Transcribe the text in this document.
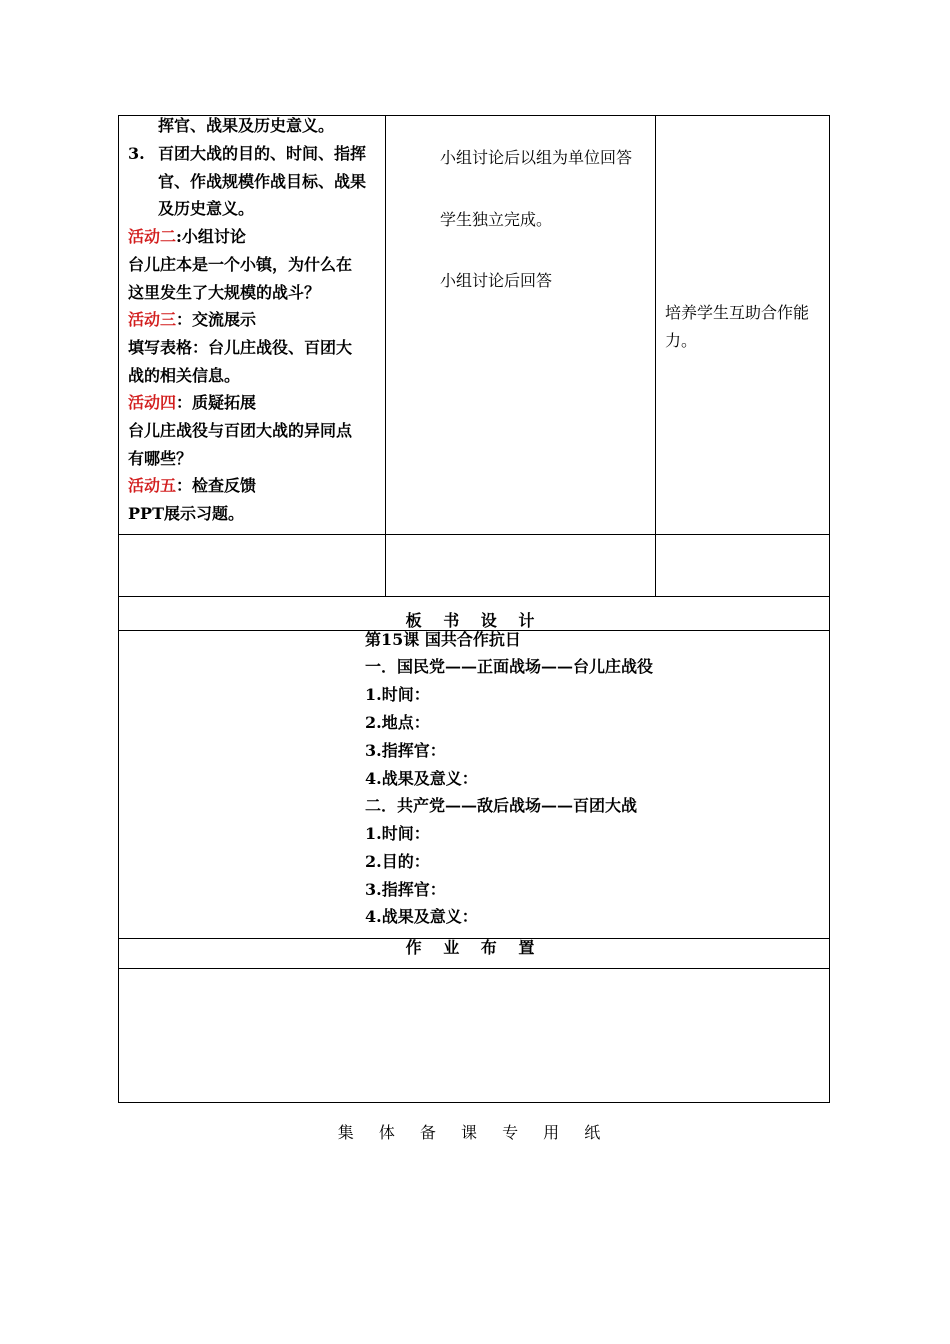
挥官、战果及历史意义。
3. 百团大战的目的、时间、指挥
官、作战规模作战目标、战果
及历史意义。
活动二:小组讨论
台儿庄本是一个小镇，为什么在
这里发生了大规模的战斗？
活动三：交流展示
填写表格：台儿庄战役、百团大
战的相关信息。
活动四：质疑拓展
台儿庄战役与百团大战的异同点
有哪些？
活动五：检查反馈
PPT展示习题。
小组讨论后以组为单位回答
学生独立完成。
小组讨论后回答
培养学生互助合作能
力。
板 书 设 计
第15课 国共合作抗日
一．国民党——正面战场——台儿庄战役
1.时间：
2.地点：
3.指挥官：
4.战果及意义：
二．共产党——敌后战场——百团大战
1.时间：
2.目的：
3.指挥官：
4.战果及意义：
作 业 布 置
集 体 备 课 专 用 纸
